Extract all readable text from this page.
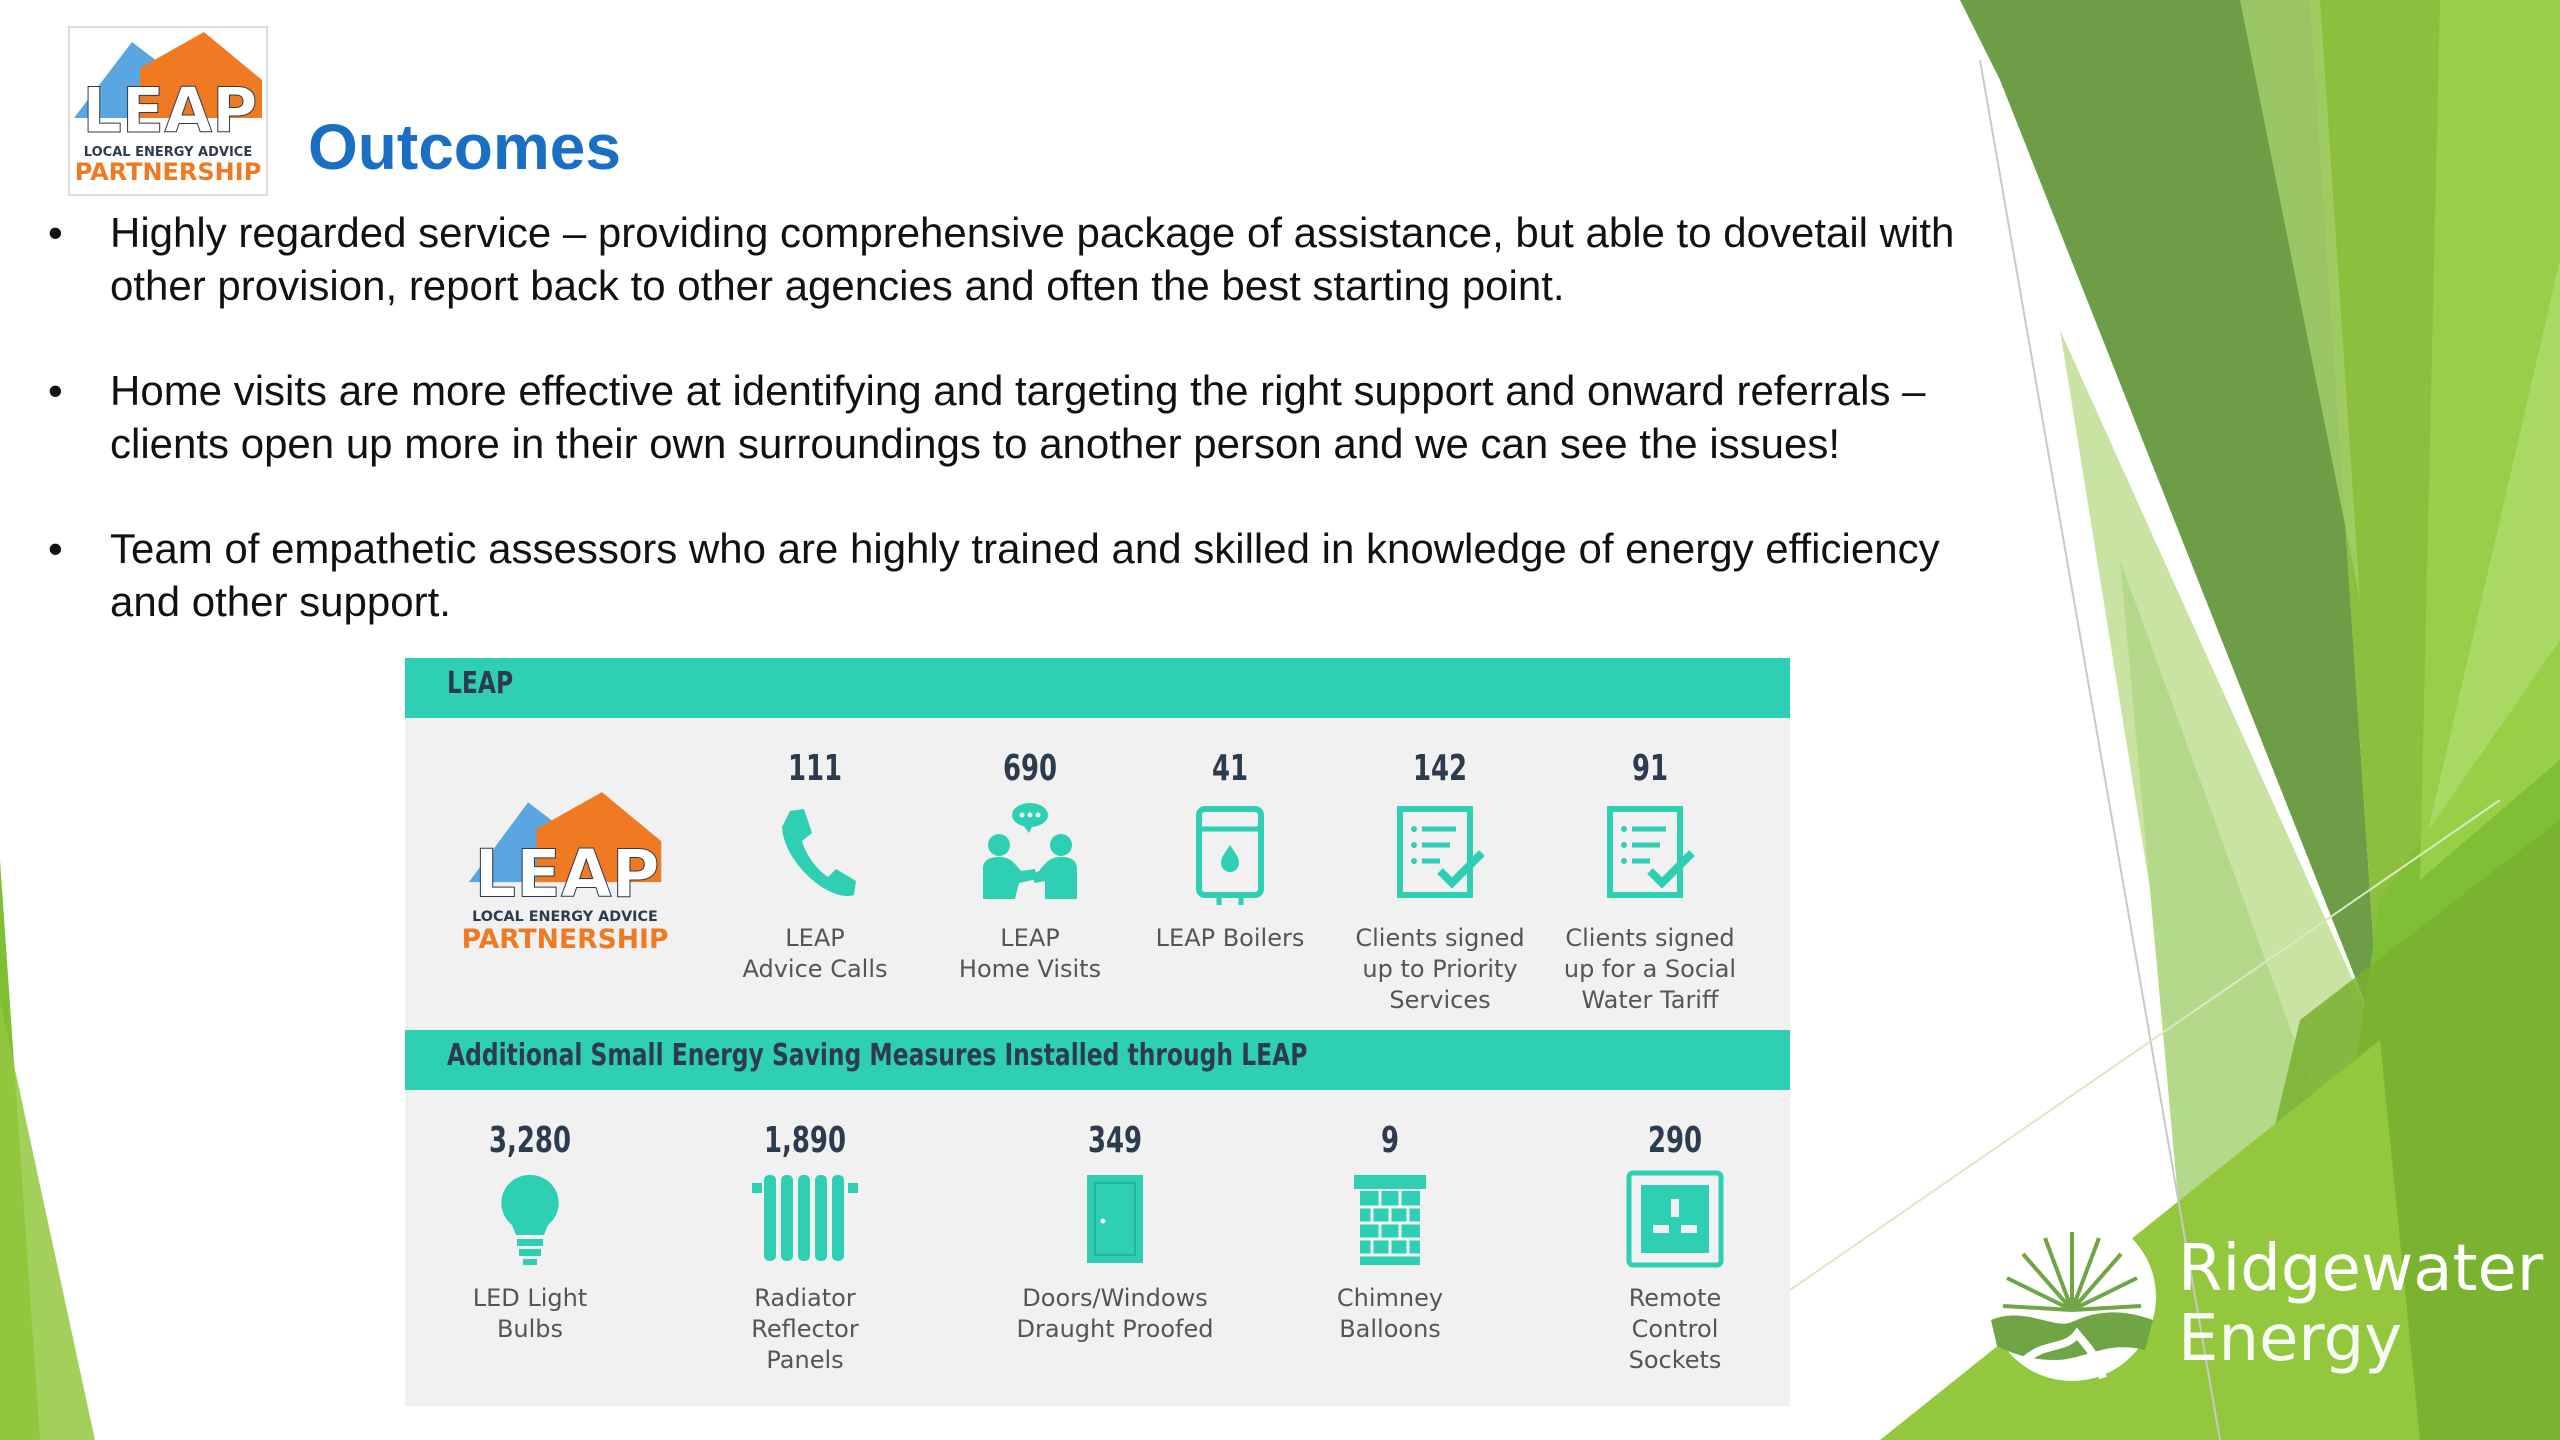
LEAP
LOCAL ENERGY ADVICE
PARTNERSHIP Outcomes
• Highly regarded service – providing comprehensive package of assistance, but able to dovetail with other provision, report back to other agencies and often the best starting point.
• Home visits are more effective at identifying and targeting the right support and onward referrals – clients open up more in their own surroundings to another person and we can see the issues!
• Team of empathetic assessors who are highly trained and skilled in knowledge of energy efficiency and other support.
LEAP
LEAP
LOCAL ENERGY ADVICE
PARTNERSHIP
111
LEAP
Advice Calls
690
LEAP
Home Visits
41
LEAP Boilers
142
Clients signed
up to Priority
Services
91
Clients signed
up for a Social
Water Tariff
Additional Small Energy Saving Measures Installed through LEAP
3,280
LED Light
Bulbs
1,890
Radiator
Reflector
Panels
349
Doors/Windows
Draught Proofed
9
Chimney
Balloons
290
Remote
Control
Sockets
Ridgewater
Energy
